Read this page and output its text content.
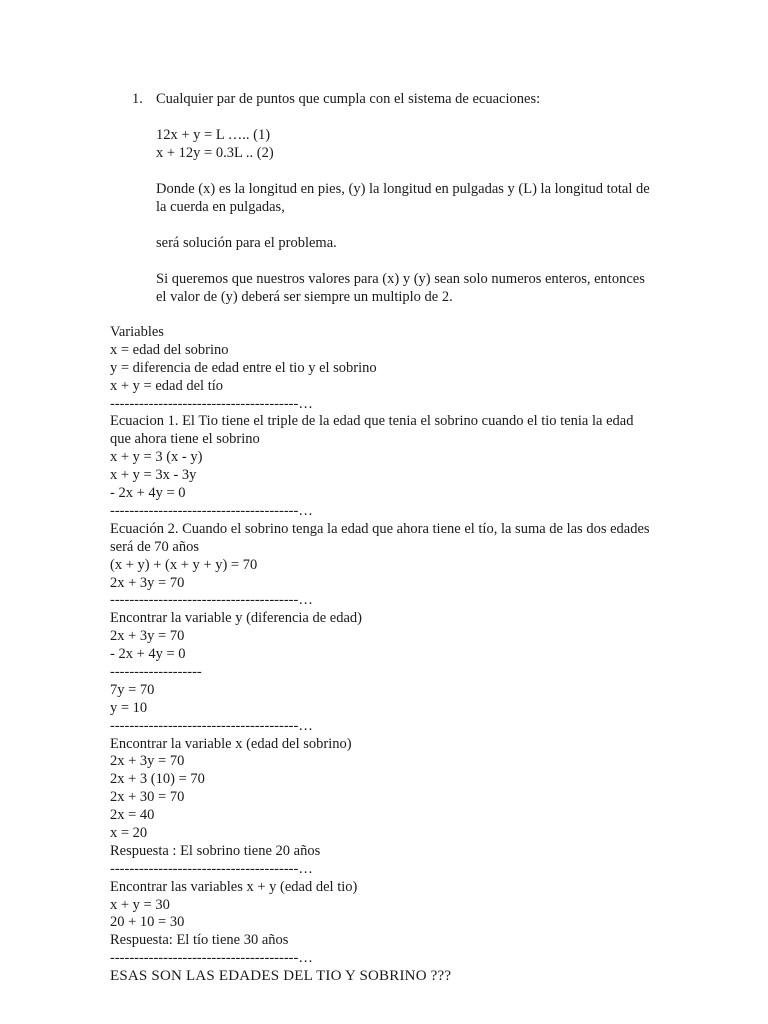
1. Cualquier par de puntos que cumpla con el sistema de ecuaciones:

12x + y = L ….. (1)

x + 12y = 0.3L .. (2)

Donde (x) es la longitud en pies, (y) la longitud en pulgadas y (L) la longitud total de la cuerda en pulgadas,

será solución para el problema.

Si queremos que nuestros valores para (x) y (y) sean solo numeros enteros, entonces el valor de (y) deberá ser siempre un multiplo de 2.

Variables

x = edad del sobrino

y = diferencia de edad entre el tio y el sobrino

x + y = edad del tío

---------------------------------------…

Ecuacion 1. El Tio tiene el triple de la edad que tenia el sobrino cuando el tio tenia la edad que ahora tiene el sobrino

x + y = 3 (x - y)

x + y = 3x - 3y

- 2x + 4y = 0

---------------------------------------…

Ecuación 2. Cuando el sobrino tenga la edad que ahora tiene el tío, la suma de las dos edades será de 70 años

(x + y) + (x + y + y) = 70

2x + 3y = 70

---------------------------------------…

Encontrar la variable y (diferencia de edad)

2x + 3y = 70

- 2x + 4y = 0

-------------------

7y = 70

y = 10

---------------------------------------…

Encontrar la variable x (edad del sobrino)

2x + 3y = 70

2x + 3 (10) = 70

2x + 30 = 70

2x = 40

x = 20

Respuesta : El sobrino tiene 20 años

---------------------------------------…

Encontrar las variables x + y (edad del tio)

x + y = 30

20 + 10 = 30

Respuesta: El tío tiene 30 años

---------------------------------------…

ESAS SON LAS EDADES DEL TIO Y SOBRINO ???
